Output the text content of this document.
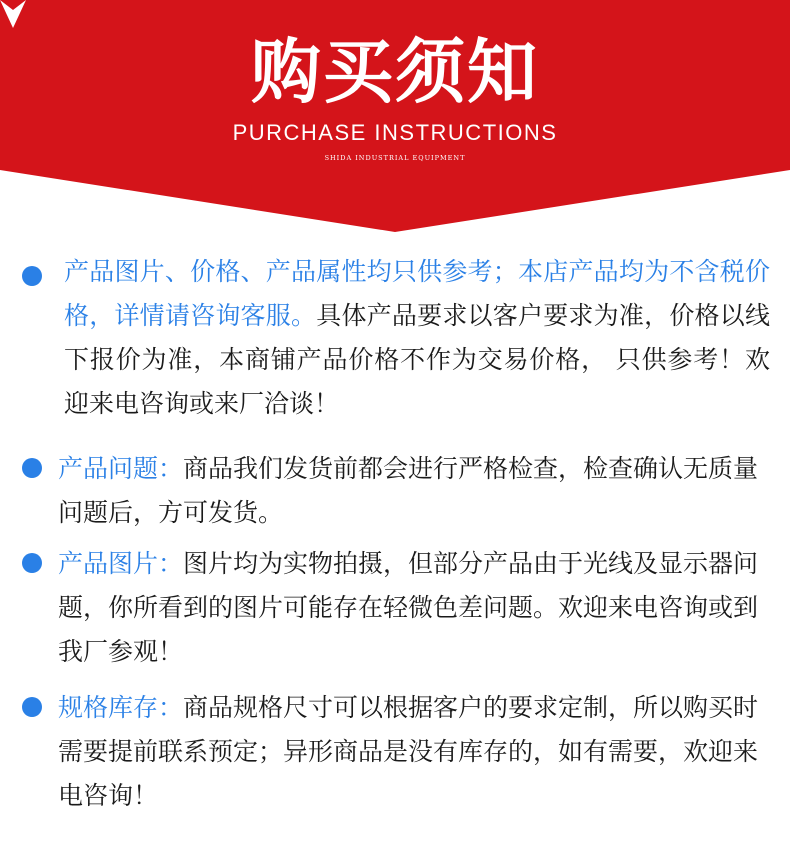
购买须知
PURCHASE INSTRUCTIONS
SHIDA INDUSTRIAL EQUIPMENT

产品图片、价格、产品属性均只供参考；本店产品均为不含税价格，详情请咨询客服。具体产品要求以客户要求为准，价格以线下报价为准，本商铺产品价格不作为交易价格， 只供参考！欢迎来电咨询或来厂洽谈！

产品问题：商品我们发货前都会进行严格检查，检查确认无质量问题后，方可发货。

产品图片：图片均为实物拍摄，但部分产品由于光线及显示器问题，你所看到的图片可能存在轻微色差问题。欢迎来电咨询或到我厂参观！

规格库存：商品规格尺寸可以根据客户的要求定制，所以购买时需要提前联系预定；异形商品是没有库存的，如有需要，欢迎来电咨询！
